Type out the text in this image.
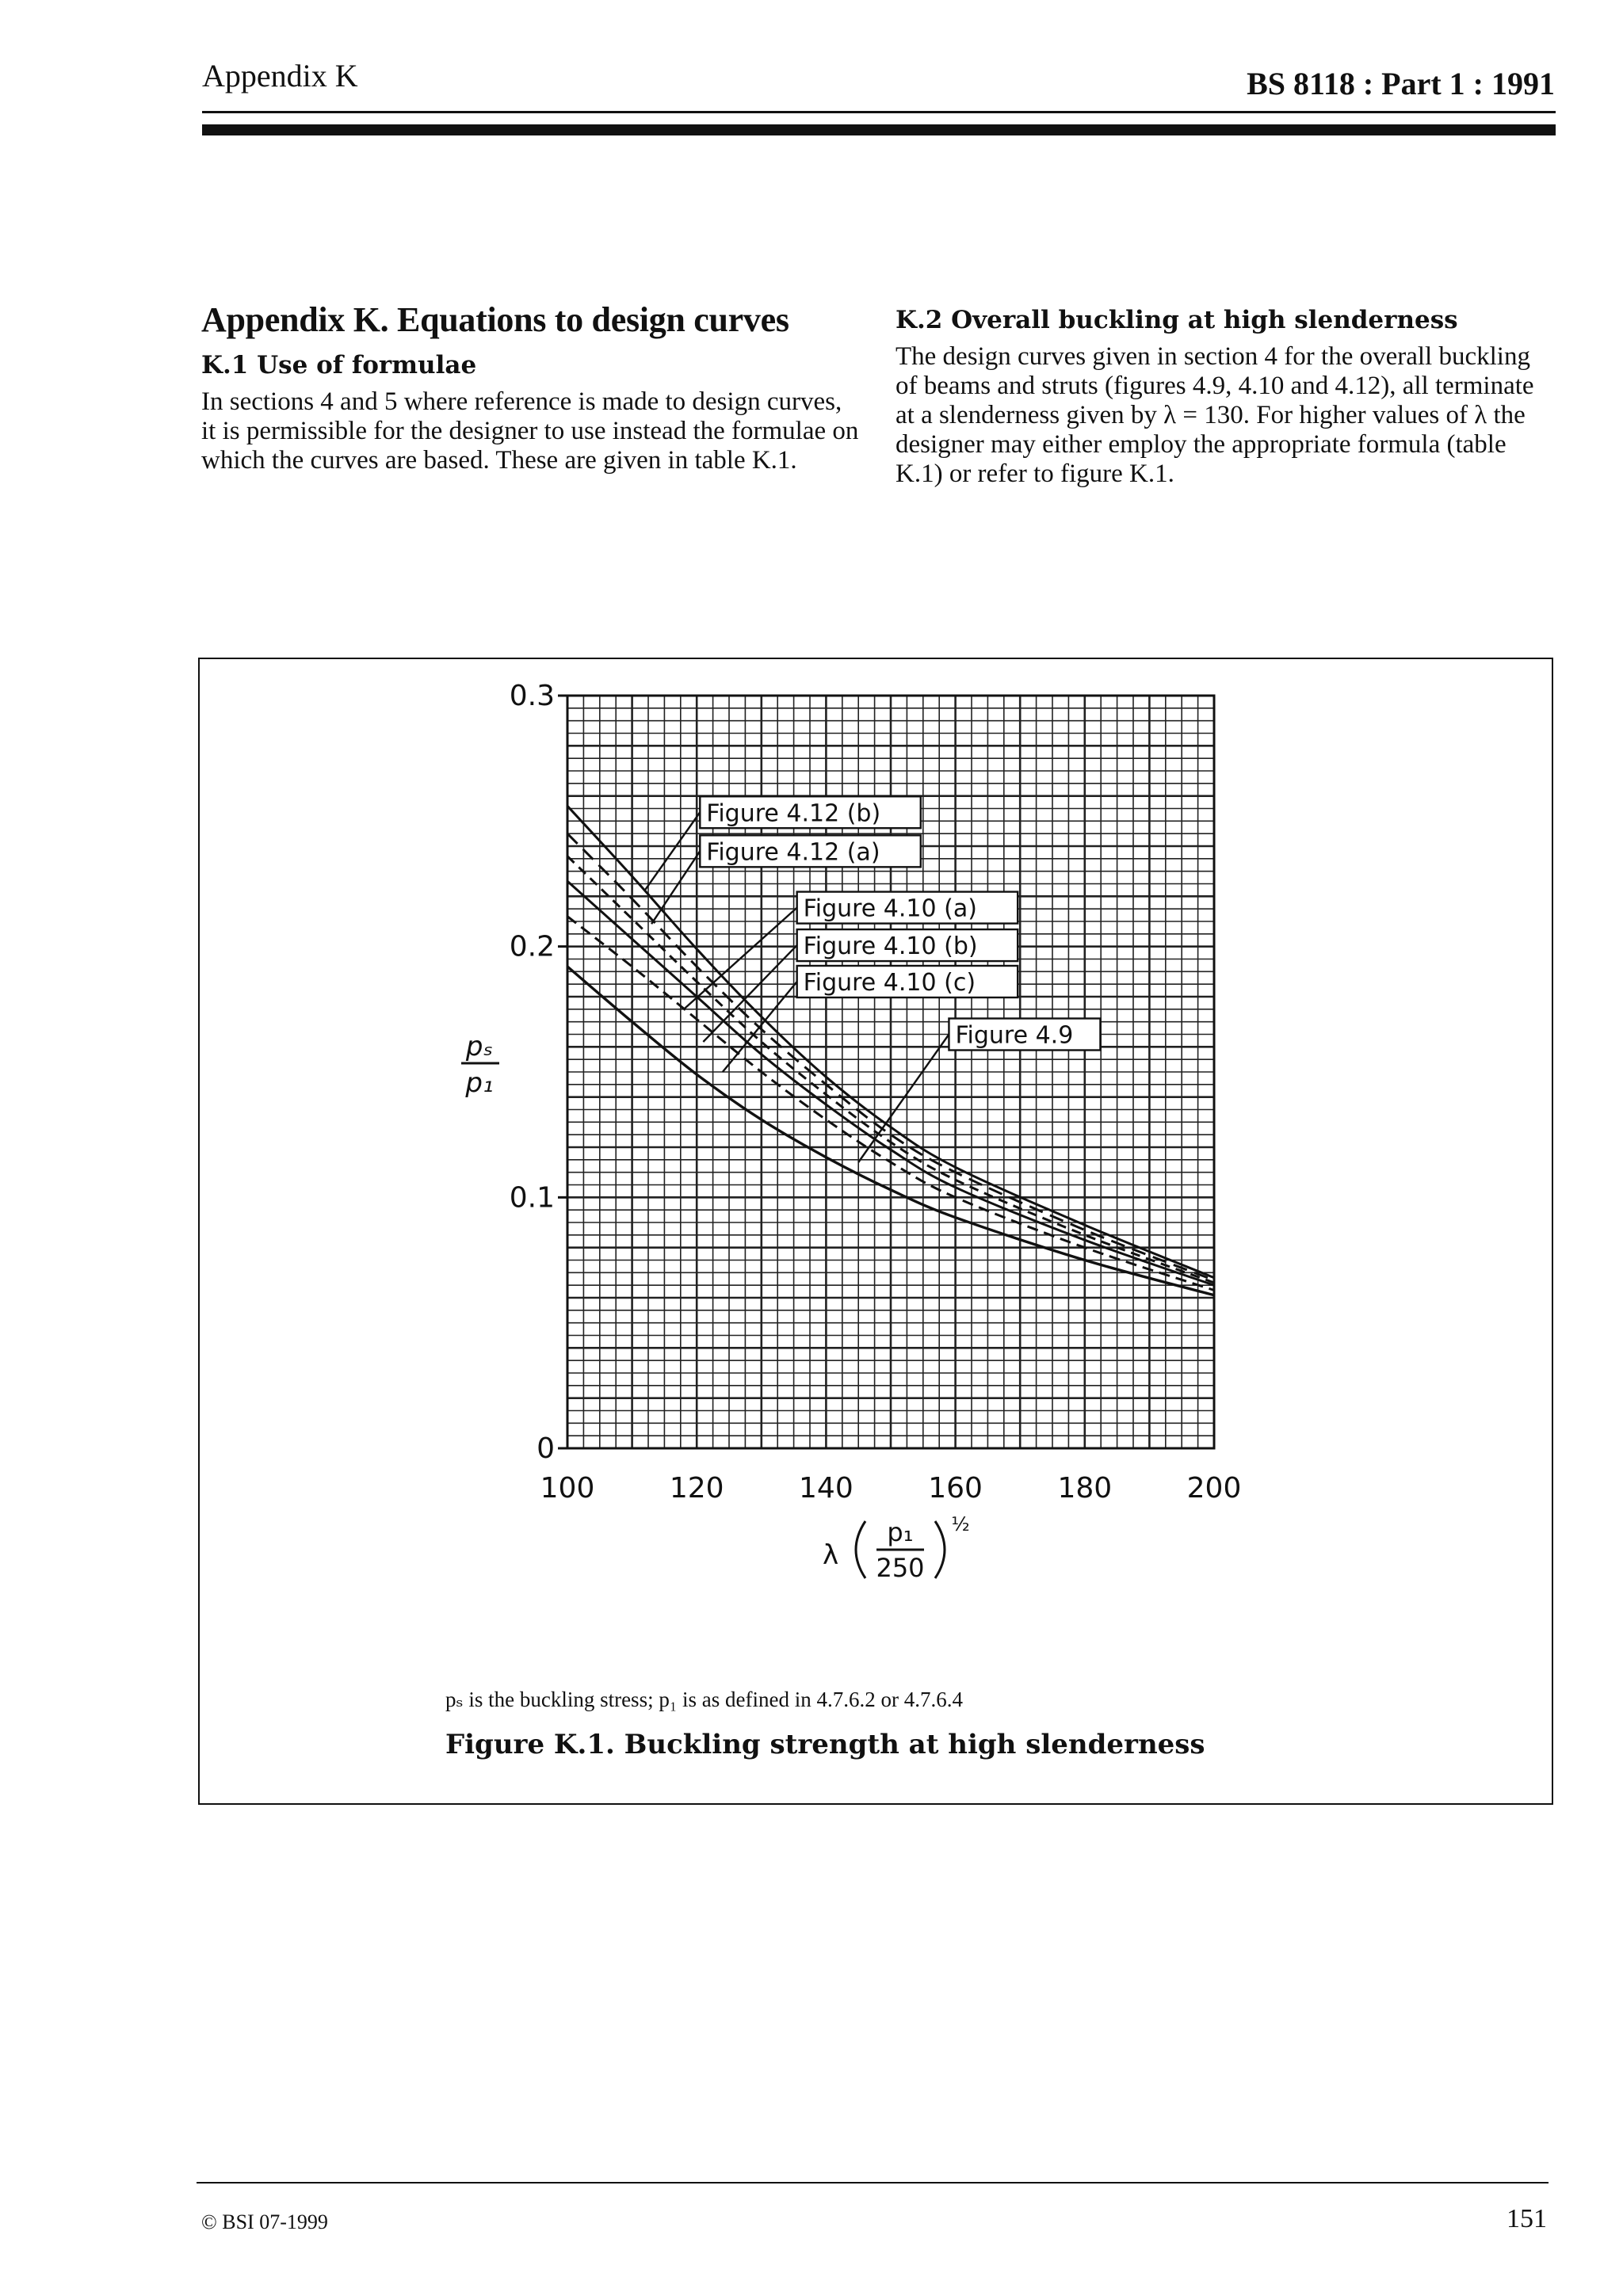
Appendix K	BS 8118 : Part 1 : 1991
Appendix K. Equations to design curves
K.1 Use of formulae

In sections 4 and 5 where reference is made to design curves, it is permissible for the designer to use instead the formulae on which the curves are based. These are given in table K.1.

K.2 Overall buckling at high slenderness

The design curves given in section 4 for the overall buckling of beams and struts (figures 4.9, 4.10 and 4.12), all terminate at a slenderness given by λ = 130. For higher values of λ the designer may either employ the appropriate formula (table K.1) or refer to figure K.1.

λ
p₁
250
½
pₛ
p₁
100	120	140	160	180	200
0
0.1
0.2
0.3
Figure 4.12 (b)
Figure 4.12 (a)
Figure 4.10 (a)
Figure 4.10 (b)
Figure 4.10 (c)
Figure 4.9
pₛ is the buckling stress; p₁ is as defined in 4.7.6.2 or 4.7.6.4
Figure K.1. Buckling strength at high slenderness
© BSI 07-1999	151
